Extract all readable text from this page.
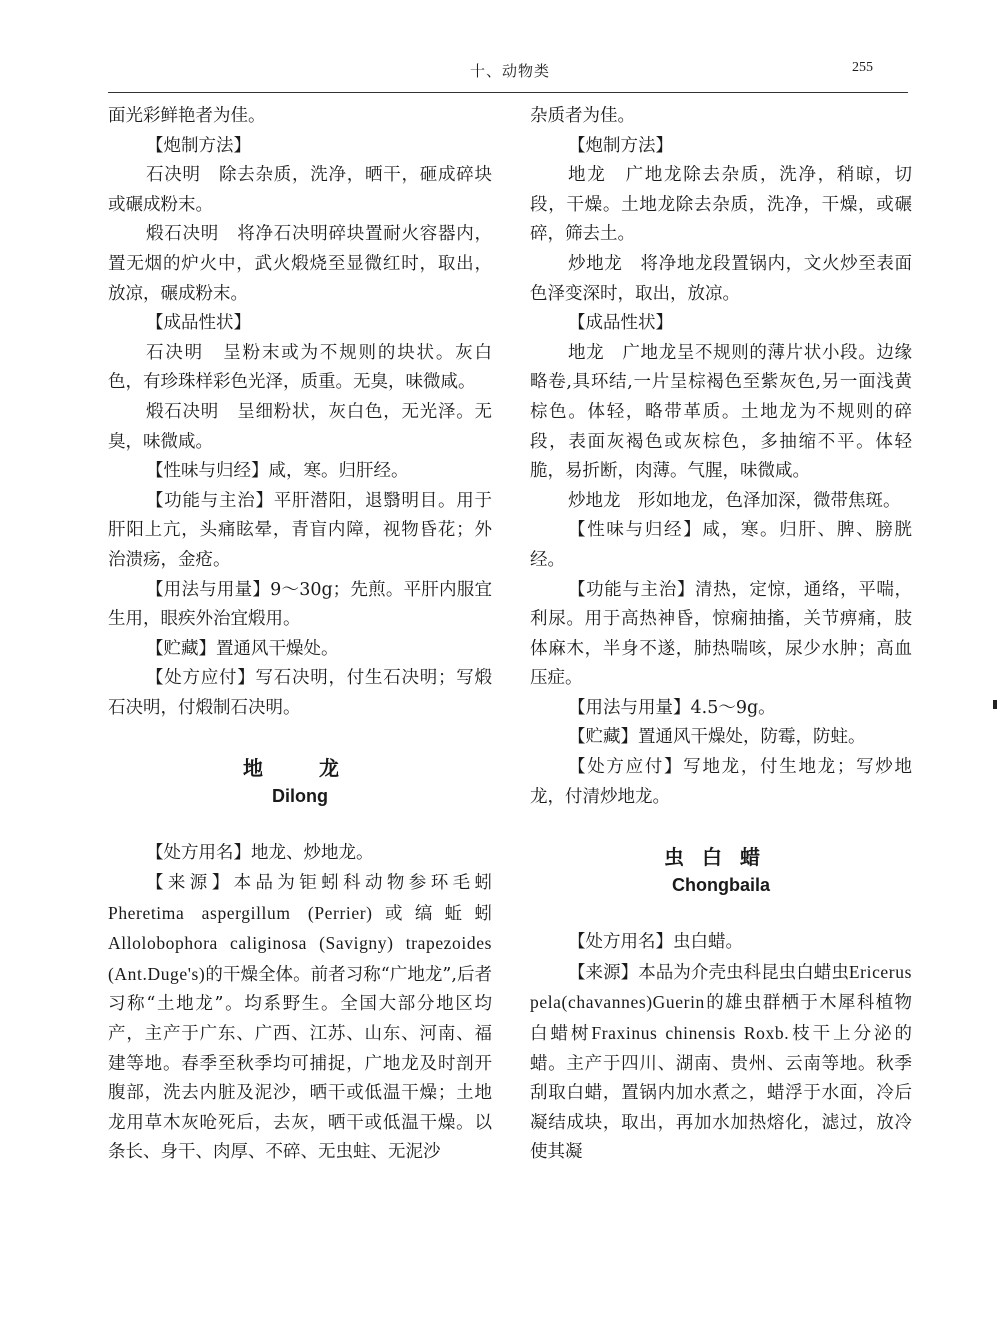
十、动物类	255

面光彩鲜艳者为佳。

【炮制方法】

石决明　除去杂质，洗净，晒干，砸成碎块或碾成粉末。

煅石决明　将净石决明碎块置耐火容器内，置无烟的炉火中，武火煅烧至显微红时，取出，放凉，碾成粉末。

【成品性状】

石决明　呈粉末或为不规则的块状。灰白色，有珍珠样彩色光泽，质重。无臭，味微咸。

煅石决明　呈细粉状，灰白色，无光泽。无臭，味微咸。

【性味与归经】咸，寒。归肝经。

【功能与主治】平肝潜阳，退翳明目。用于肝阳上亢，头痛眩晕，青盲内障，视物昏花；外治溃疡，金疮。

【用法与用量】9～30g；先煎。平肝内服宜生用，眼疾外治宜煅用。

【贮藏】置通风干燥处。

【处方应付】写石决明，付生石决明；写煅石决明，付煅制石决明。

地　龙
Dilong

【处方用名】地龙、炒地龙。

【来源】本品为钜蚓科动物参环毛蚓Pheretima aspergillum (Perrier)或缟蚯蚓Allolobophora caliginosa (Savigny) trapezoides (Ant.Duge's)的干燥全体。前者习称“广地龙”,后者习称“土地龙”。均系野生。全国大部分地区均产，主产于广东、广西、江苏、山东、河南、福建等地。春季至秋季均可捕捉，广地龙及时剖开腹部，洗去内脏及泥沙，晒干或低温干燥；土地龙用草木灰呛死后，去灰，晒干或低温干燥。以条长、身干、肉厚、不碎、无虫蛀、无泥沙

杂质者为佳。

【炮制方法】

地龙　广地龙除去杂质，洗净，稍晾，切段，干燥。土地龙除去杂质，洗净，干燥，或碾碎，筛去土。

炒地龙　将净地龙段置锅内，文火炒至表面色泽变深时，取出，放凉。

【成品性状】

地龙　广地龙呈不规则的薄片状小段。边缘略卷,具环结,一片呈棕褐色至紫灰色,另一面浅黄棕色。体轻，略带革质。土地龙为不规则的碎段，表面灰褐色或灰棕色，多抽缩不平。体轻脆，易折断，肉薄。气腥，味微咸。

炒地龙　形如地龙，色泽加深，微带焦斑。

【性味与归经】咸，寒。归肝、脾、膀胱经。

【功能与主治】清热，定惊，通络，平喘，利尿。用于高热神昏，惊痫抽搐，关节痹痛，肢体麻木，半身不遂，肺热喘咳，尿少水肿；高血压症。

【用法与用量】4.5～9g。

【贮藏】置通风干燥处，防霉，防蛀。

【处方应付】写地龙，付生地龙；写炒地龙，付清炒地龙。

虫白蜡
Chongbaila

【处方用名】虫白蜡。

【来源】本品为介壳虫科昆虫白蜡虫Ericerus pela(chavannes)Guerin的雄虫群栖于木犀科植物白蜡树Fraxinus chinensis Roxb.枝干上分泌的蜡。主产于四川、湖南、贵州、云南等地。秋季刮取白蜡，置锅内加水煮之，蜡浮于水面，冷后凝结成块，取出，再加水加热熔化，滤过，放冷使其凝
